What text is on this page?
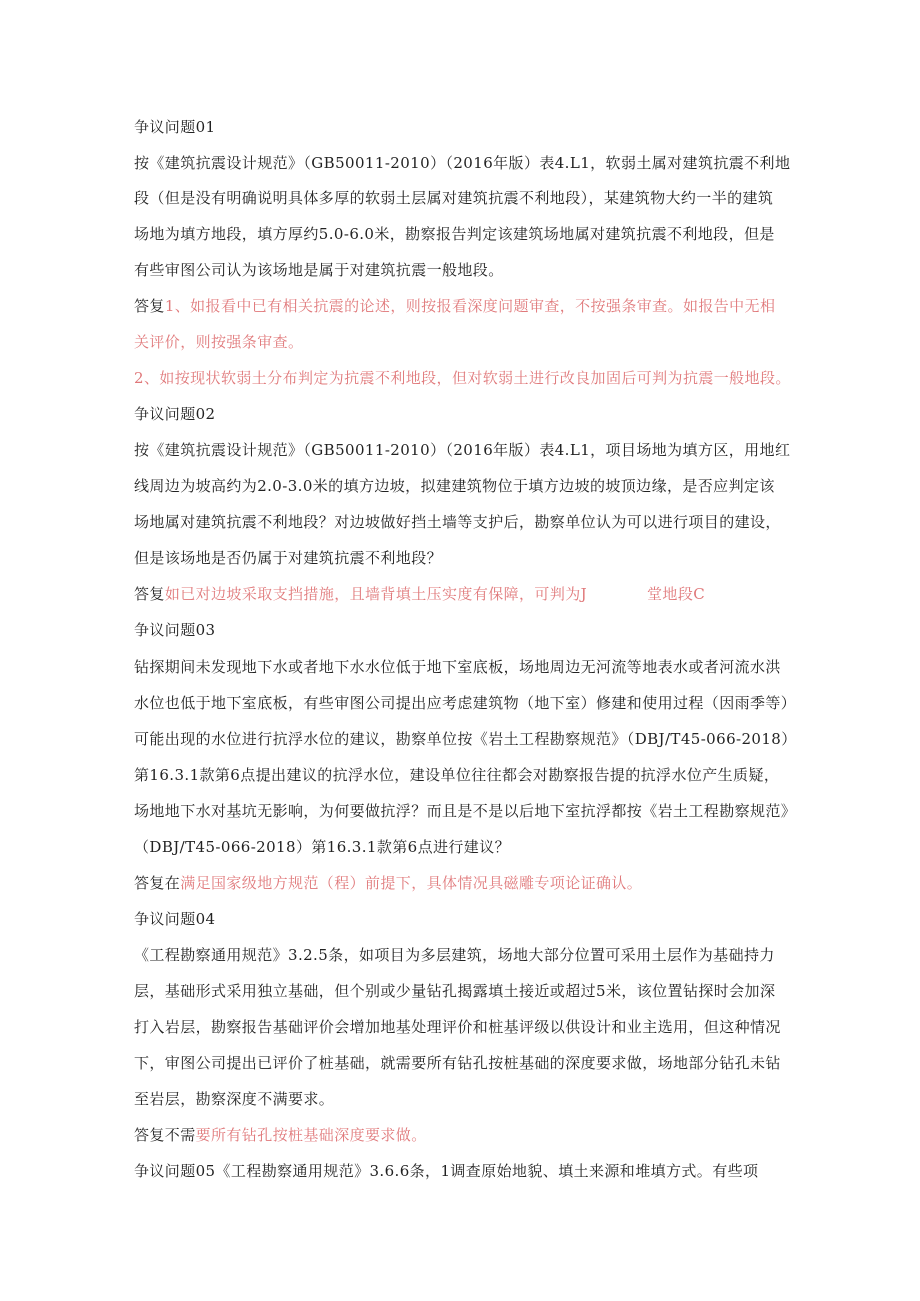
争议问题01
按《建筑抗震设计规范》（GB50011-2010）（2016年版）表4.L1，软弱土属对建筑抗震不利地
段（但是没有明确说明具体多厚的软弱土层属对建筑抗震不利地段），某建筑物大约一半的建筑
场地为填方地段，填方厚约5.0-6.0米，勘察报告判定该建筑场地属对建筑抗震不利地段，但是
有些审图公司认为该场地是属于对建筑抗震一般地段。
答复1、如报看中已有相关抗震的论述，则按报看深度问题审查，不按强条审查。如报告中无相
关评价，则按强条审查。
2、如按现状软弱土分布判定为抗震不利地段，但对软弱土进行改良加固后可判为抗震一般地段。
争议问题02
按《建筑抗震设计规范》（GB50011-2010）（2016年版）表4.L1，项目场地为填方区，用地红
线周边为坡高约为2.0-3.0米的填方边坡，拟建建筑物位于填方边坡的坡顶边缘，是否应判定该
场地属对建筑抗震不利地段？对边坡做好挡土墙等支护后，勘察单位认为可以进行项目的建设，
但是该场地是否仍属于对建筑抗震不利地段？
答复如已对边坡采取支挡措施，且墙背填土压实度有保障，可判为J	堂地段C
争议问题03
钻探期间未发现地下水或者地下水水位低于地下室底板，场地周边无河流等地表水或者河流水洪
水位也低于地下室底板，有些审图公司提出应考虑建筑物（地下室）修建和使用过程（因雨季等）
可能出现的水位进行抗浮水位的建议，勘察单位按《岩土工程勘察规范》（DBJ/T45-066-2018）
第16.3.1款第6点提出建议的抗浮水位，建设单位往往都会对勘察报告提的抗浮水位产生质疑，
场地地下水对基坑无影响，为何要做抗浮？而且是不是以后地下室抗浮都按《岩土工程勘察规范》
（DBJ/T45-066-2018）第16.3.1款第6点进行建议？
答复在满足国家级地方规范（程）前提下，具体情况具磁雕专项论证确认。
争议问题04
《工程勘察通用规范》3.2.5条，如项目为多层建筑，场地大部分位置可采用土层作为基础持力
层，基础形式采用独立基础，但个别或少量钻孔揭露填土接近或超过5米，该位置钻探时会加深
打入岩层，勘察报告基础评价会增加地基处理评价和桩基评级以供设计和业主选用，但这种情况
下，审图公司提出已评价了桩基础，就需要所有钻孔按桩基础的深度要求做，场地部分钻孔未钻
至岩层，勘察深度不满要求。
答复不需要所有钻孔按桩基础深度要求做。
争议问题05《工程勘察通用规范》3.6.6条，1调查原始地貌、填土来源和堆填方式。有些项
